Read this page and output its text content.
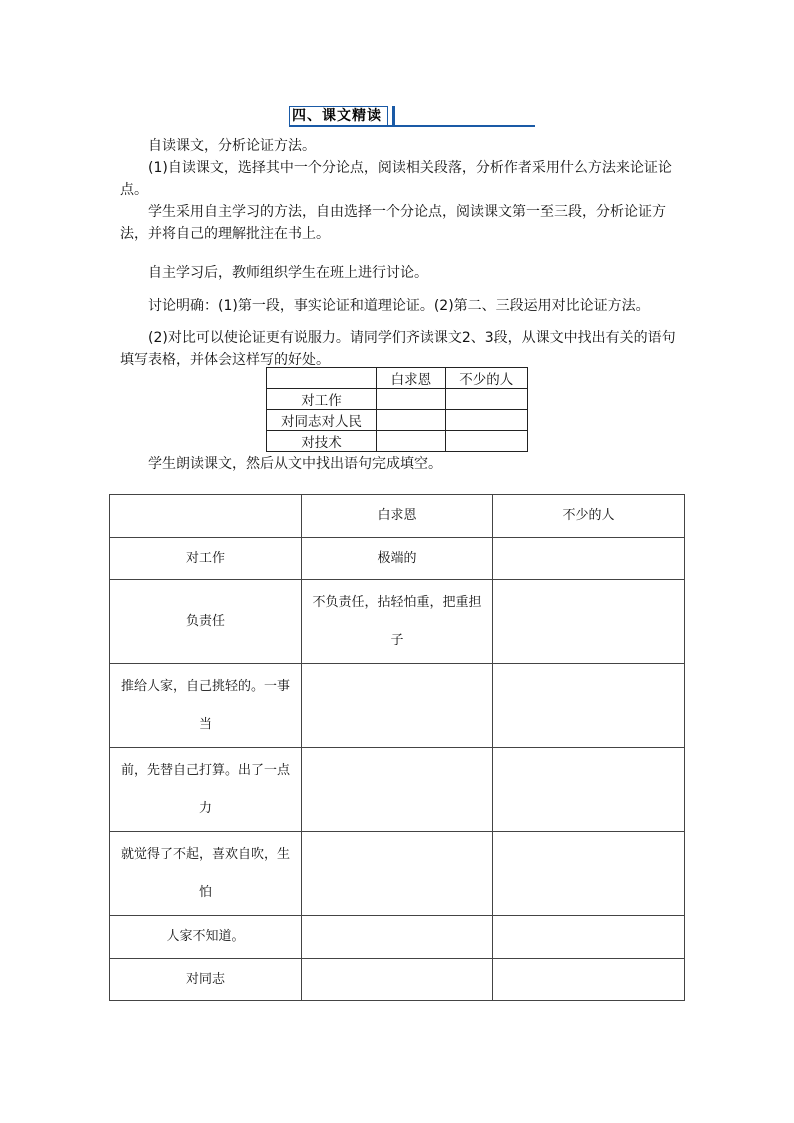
四、课文精读

自读课文，分析论证方法。

(1)自读课文，选择其中一个分论点，阅读相关段落，分析作者采用什么方法来论证论点。

学生采用自主学习的方法，自由选择一个分论点，阅读课文第一至三段，分析论证方法，并将自己的理解批注在书上。

自主学习后，教师组织学生在班上进行讨论。

讨论明确：(1)第一段，事实论证和道理论证。(2)第二、三段运用对比论证方法。

(2)对比可以使论证更有说服力。请同学们齐读课文2、3段，从课文中找出有关的语句填写表格，并体会这样写的好处。

	白求恩	不少的人
对工作		
对同志对人民		
对技术		

学生朗读课文，然后从文中找出语句完成填空。

	白求恩	不少的人
对工作	极端的	
负责任	不负责任，拈轻怕重，把重担子	
推给人家，自己挑轻的。一事当		
前，先替自己打算。出了一点力		
就觉得了不起，喜欢自吹，生怕		
人家不知道。		
对同志		
